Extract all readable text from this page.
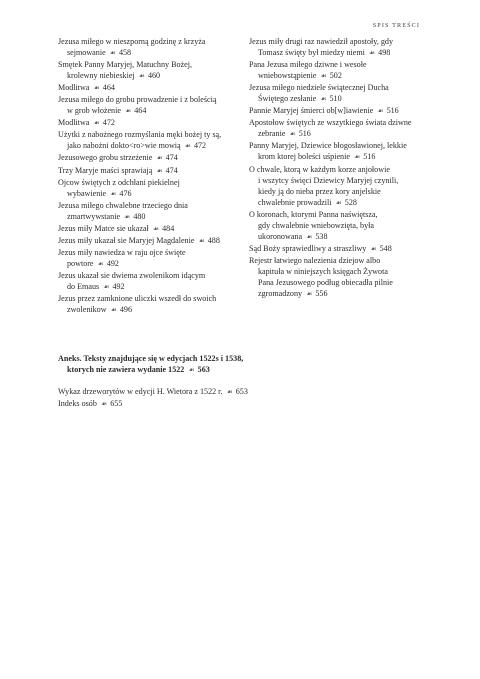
SPIS TREŚCI
Jezusa miłego w nieszporną godzinę z krzyża
sejmowanie ☙ 458
Smętek Panny Maryjej, Matuchny Bożej,
krolewny niebieskiej ☙ 460
Modlitwa ☙ 464
Jezusa miłego do grobu prowadzenie i z boleścią
w grob włożenie ☙ 464
Modlitwa ☙ 472
Użytki z nabożnego rozmyślania męki bożej ty są,
jako nabożni dokto<ro>wie mowią ☙ 472
Jezusowego grobu strzeżenie ☙ 474
Trzy Maryje maści sprawiają ☙ 474
Ojcow świętych z odchłani piekielnej
wybawienie ☙ 476
Jezusa miłego chwalebne trzeciego dnia
zmartwywstanie ☙ 480
Jezus miły Matce sie ukazał ☙ 484
Jezus miły ukazał sie Maryjej Magdalenie ☙ 488
Jezus miły nawiedza w raju ojce święte
powtore ☙ 492
Jezus ukazał sie dwiema zwolenikom idącym
do Emaus ☙ 492
Jezus przez zamknione uliczki wszedł do swoich
zwolenikow ☙ 496
Jezus miły drugi raz nawiedził apostoły, gdy
Tomasz święty był miedzy niemi ☙ 498
Pana Jezusa miłego dziwne i wesołe
wniebowstąpienie ☙ 502
Jezusa miłego niedziele świątecznej Ducha
Świętego zesłanie ☙ 510
Pannie Maryjej śmierci ob[w]iawienie ☙ 516
Apostołow świętych ze wszytkiego świata dziwne
zebranie ☙ 516
Panny Maryjej, Dziewice błogosławionej, lekkie
krom ktorej boleści uśpienie ☙ 516
O chwale, ktorą w każdym korze anjołowie
i wszytcy święci Dziewicy Maryjej czynili,
kiedy ją do nieba przez kory anjelskie
chwalebnie prowadzili ☙ 528
O koronach, ktorymi Panna naświętsza,
gdy chwalebnie wniebowzięta, była
ukoronowana ☙ 538
Sąd Boży sprawiedliwy a straszliwy ☙ 548
Rejestr łatwiego nalezienia dziejow albo
kapituła w niniejszych księgach Żywota
Pana Jezusowego podług obiecadła pilnie
zgromadzony ☙ 556
Aneks. Teksty znajdujące się w edycjach 1522s i 1538,
ktorych nie zawiera wydanie 1522 ☙ 563
Wykaz drzeworytów w edycji H. Wietora z 1522 r. ☙ 653
Indeks osób ☙ 655
